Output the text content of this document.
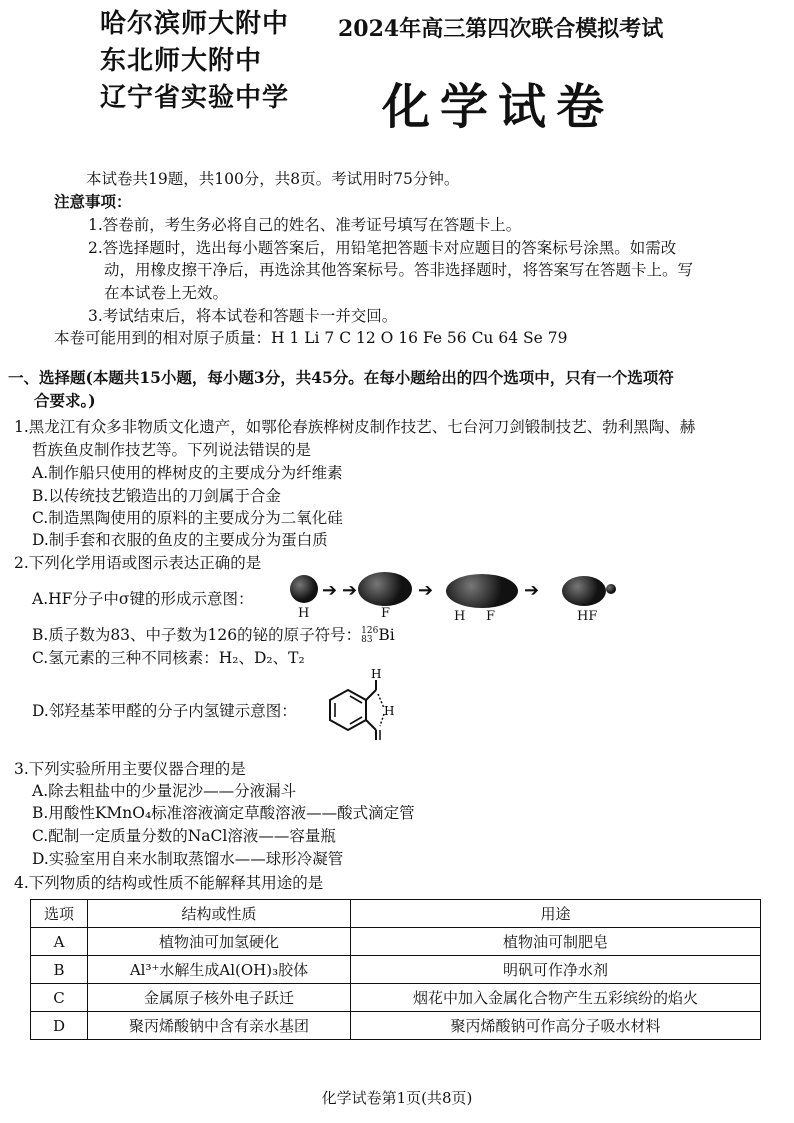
哈尔滨师大附中
东北师大附中
辽宁省实验中学
2024年高三第四次联合模拟考试
化学试卷
本试卷共19题，共100分，共8页。考试用时75分钟。
注意事项：
1.答卷前，考生务必将自己的姓名、准考证号填写在答题卡上。
2.答选择题时，选出每小题答案后，用铅笔把答题卡对应题目的答案标号涂黑。如需改
动，用橡皮擦干净后，再选涂其他答案标号。答非选择题时，将答案写在答题卡上。写
在本试卷上无效。
3.考试结束后，将本试卷和答题卡一并交回。
本卷可能用到的相对原子质量：H 1 Li 7 C 12 O 16 Fe 56 Cu 64 Se 79
一、选择题(本题共15小题，每小题3分，共45分。在每小题给出的四个选项中，只有一个选项符
合要求。)
1.黑龙江有众多非物质文化遗产，如鄂伦春族桦树皮制作技艺、七台河刀剑锻制技艺、勃利黑陶、赫
哲族鱼皮制作技艺等。下列说法错误的是
A.制作船只使用的桦树皮的主要成分为纤维素
B.以传统技艺锻造出的刀剑属于合金
C.制造黑陶使用的原料的主要成分为二氧化硅
D.制手套和衣服的鱼皮的主要成分为蛋白质
2.下列化学用语或图示表达正确的是
A.HF分子中σ键的形成示意图：	➔ ➔	➔	➔
H	F	H F	HF
B.质子数为83、中子数为126的铋的原子符号： 126
83 Bi
C.氢元素的三种不同核素：H₂、D₂、T₂
D.邻羟基苯甲醛的分子内氢键示意图：
H
H
3.下列实验所用主要仪器合理的是
A.除去粗盐中的少量泥沙——分液漏斗
B.用酸性KMnO₄标准溶液滴定草酸溶液——酸式滴定管
C.配制一定质量分数的NaCl溶液——容量瓶
D.实验室用自来水制取蒸馏水——球形冷凝管
4.下列物质的结构或性质不能解释其用途的是
选项	结构或性质	用途
A	植物油可加氢硬化	植物油可制肥皂
B	Al³⁺水解生成Al(OH)₃胶体	明矾可作净水剂
C	金属原子核外电子跃迁	烟花中加入金属化合物产生五彩缤纷的焰火
D	聚丙烯酸钠中含有亲水基团	聚丙烯酸钠可作高分子吸水材料
化学试卷第1页(共8页)
